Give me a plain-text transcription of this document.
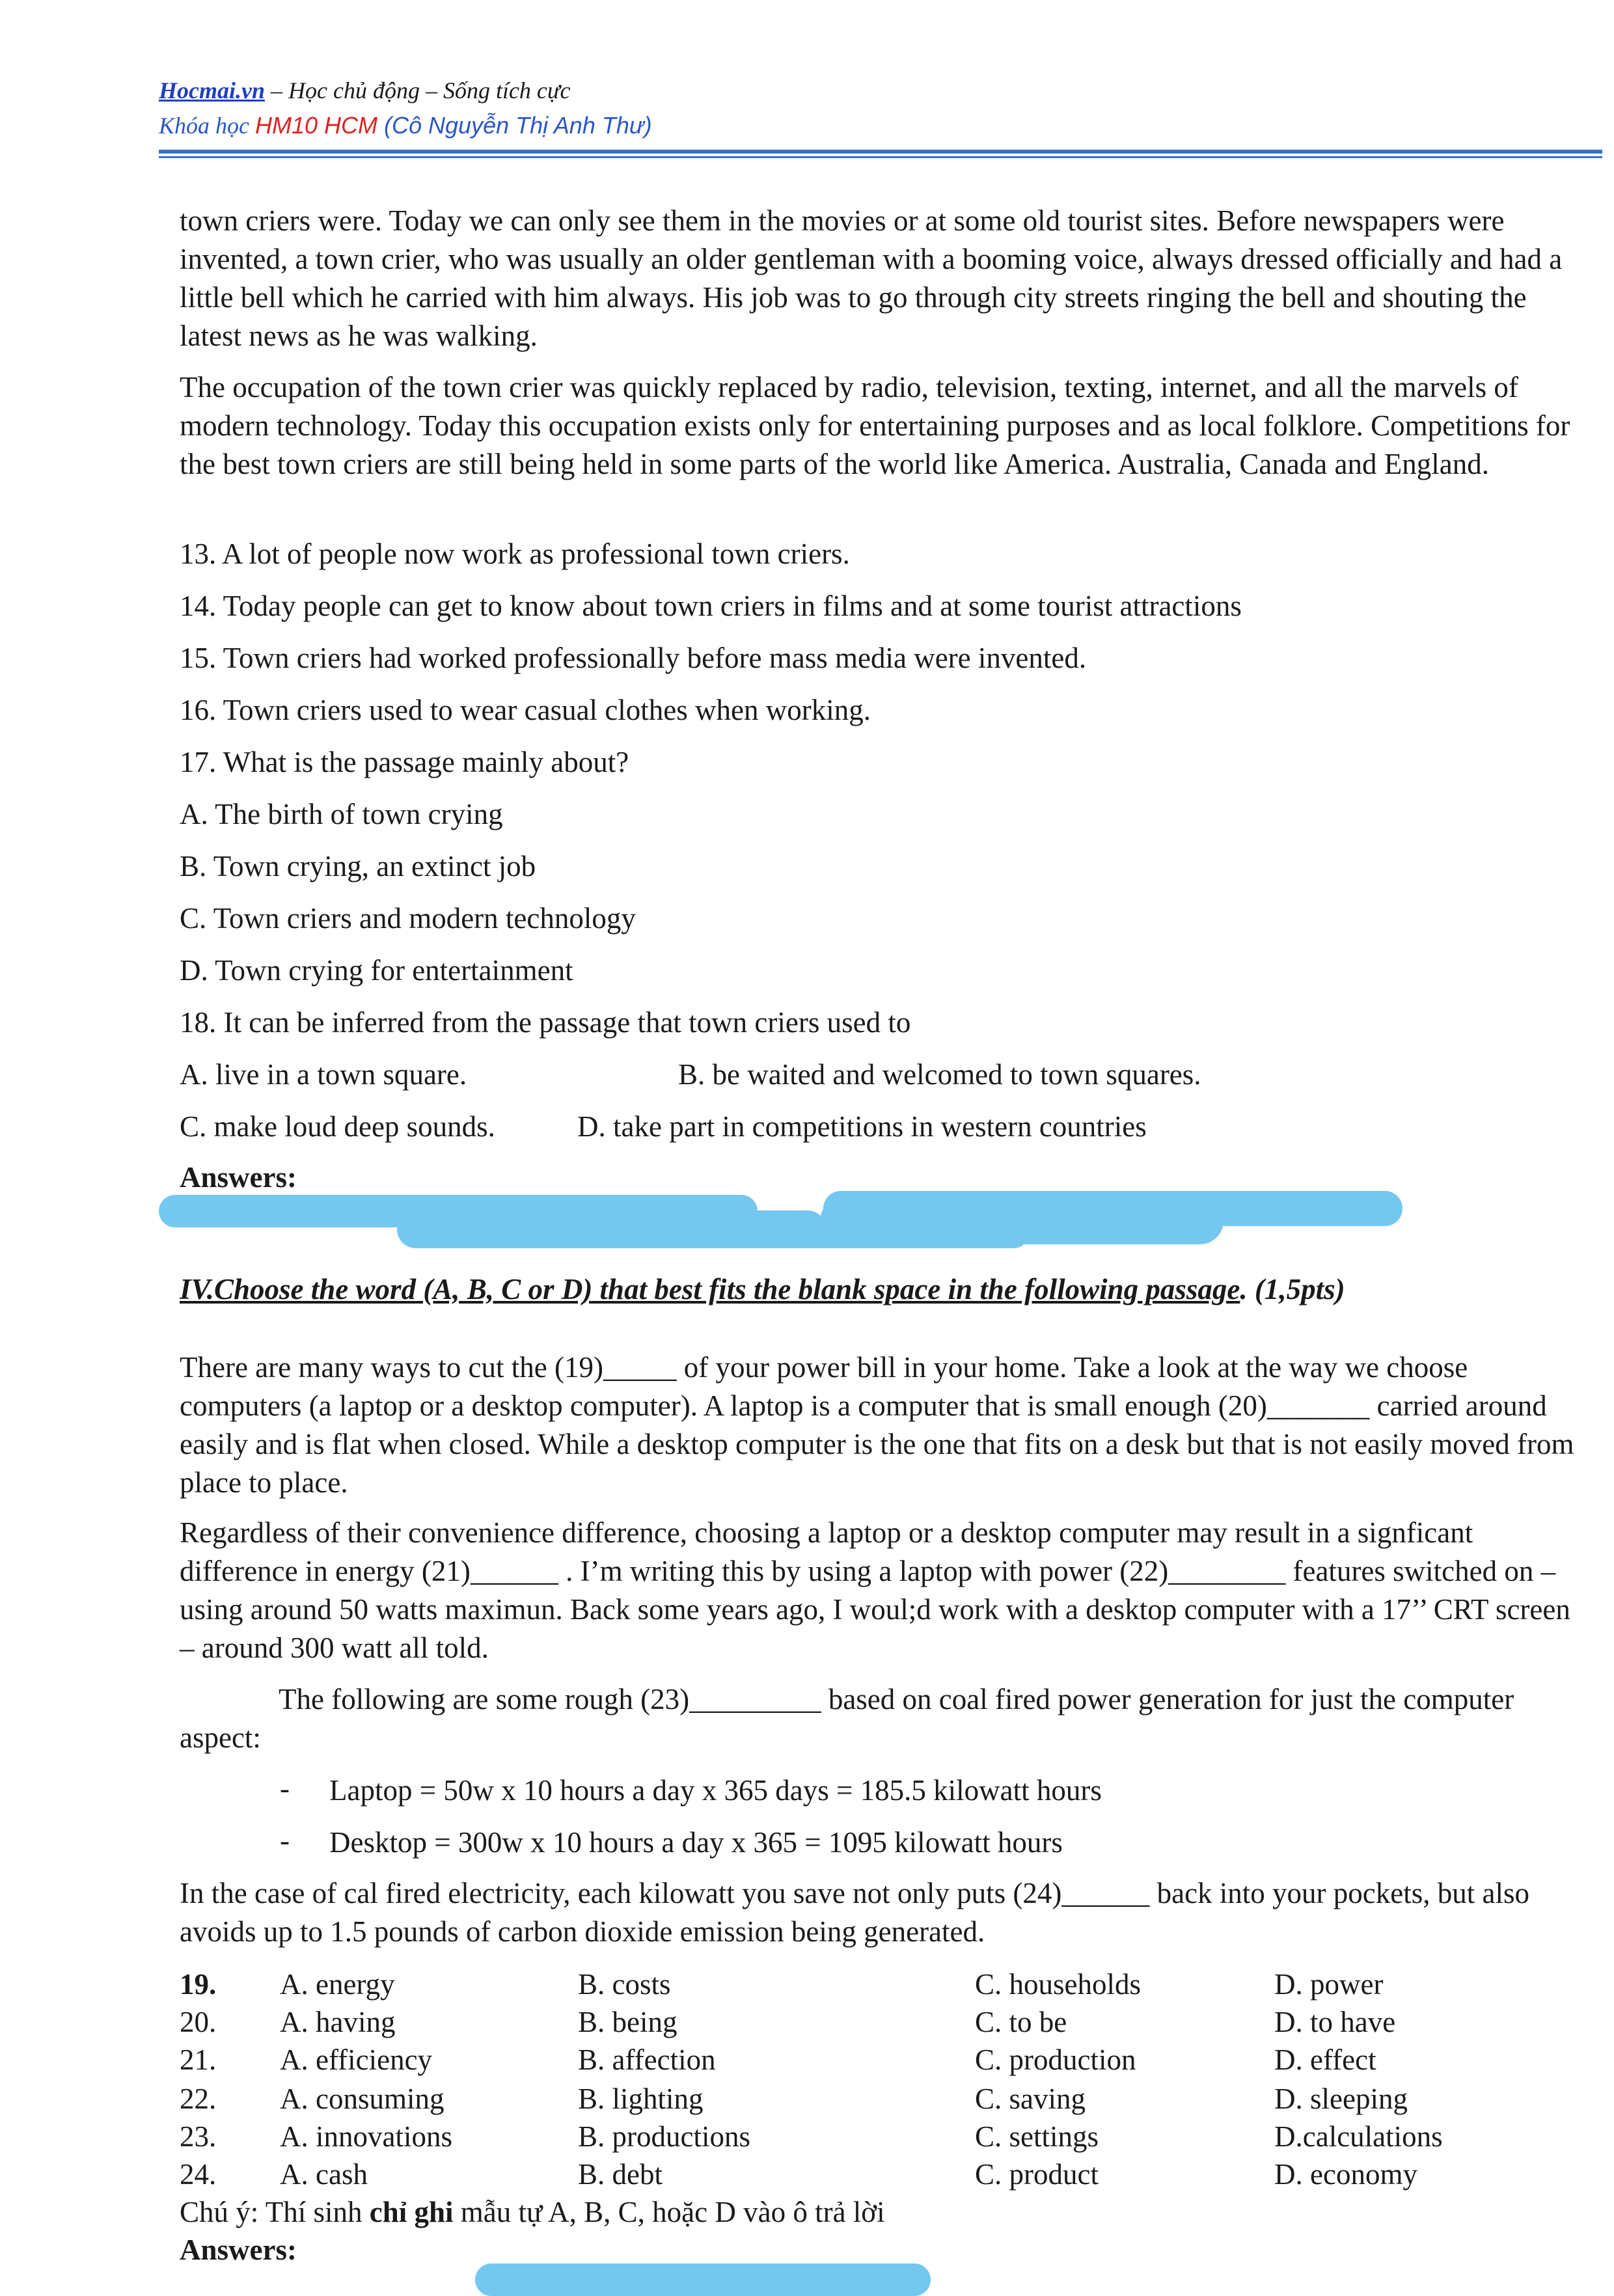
Hocmai.vn – Học chủ động – Sống tích cực
Khóa học HM10 HCM (Cô Nguyễn Thị Anh Thư)

town criers were. Today we can only see them in the movies or at some old tourist sites. Before newspapers were invented, a town crier, who was usually an older gentleman with a booming voice, always dressed officially and had a little bell which he carried with him always. His job was to go through city streets ringing the bell and shouting the latest news as he was walking.

The occupation of the town crier was quickly replaced by radio, television, texting, internet, and all the marvels of modern technology. Today this occupation exists only for entertaining purposes and as local folklore. Competitions for the best town criers are still being held in some parts of the world like America. Australia, Canada and England.

13. A lot of people now work as professional town criers.
14. Today people can get to know about town criers in films and at some tourist attractions
15. Town criers had worked professionally before mass media were invented.
16. Town criers used to wear casual clothes when working.
17. What is the passage mainly about?
A. The birth of town crying
B. Town crying, an extinct job
C. Town criers and modern technology
D. Town crying for entertainment
18. It can be inferred from the passage that town criers used to
A. live in a town square.	B. be waited and welcomed to town squares.
C. make loud deep sounds.	D. take part in competitions in western countries
Answers:
IV.Choose the word (A, B, C or D) that best fits the blank space in the following passage. (1,5pts)

There are many ways to cut the (19)_____ of your power bill in your home. Take a look at the way we choose computers (a laptop or a desktop computer). A laptop is a computer that is small enough (20)_______ carried around easily and is flat when closed. While a desktop computer is the one that fits on a desk but that is not easily moved from place to place.

Regardless of their convenience difference, choosing a laptop or a desktop computer may result in a signficant difference in energy (21)______ . I’m writing this by using a laptop with power (22)________ features switched on – using around 50 watts maximun. Back some years ago, I woul;d work with a desktop computer with a 17’’ CRT screen – around 300 watt all told.

The following are some rough (23)_________ based on coal fired power generation for just the computer aspect:

- Laptop = 50w x 10 hours a day x 365 days = 185.5 kilowatt hours
- Desktop = 300w x 10 hours a day x 365 = 1095 kilowatt hours

In the case of cal fired electricity, each kilowatt you save not only puts (24)______ back into your pockets, but also avoids up to 1.5 pounds of carbon dioxide emission being generated.

19. A. energy	B. costs	C. households	D. power
20. A. having	B. being	C. to be	D. to have
21. A. efficiency	B. affection	C. production	D. effect
22. A. consuming	B. lighting	C. saving	D. sleeping
23. A. innovations	B. productions	C. settings	D.calculations
24. A. cash	B. debt	C. product	D. economy
Chú ý: Thí sinh chỉ ghi mẫu tự A, B, C, hoặc D vào ô trả lời
Answers:
